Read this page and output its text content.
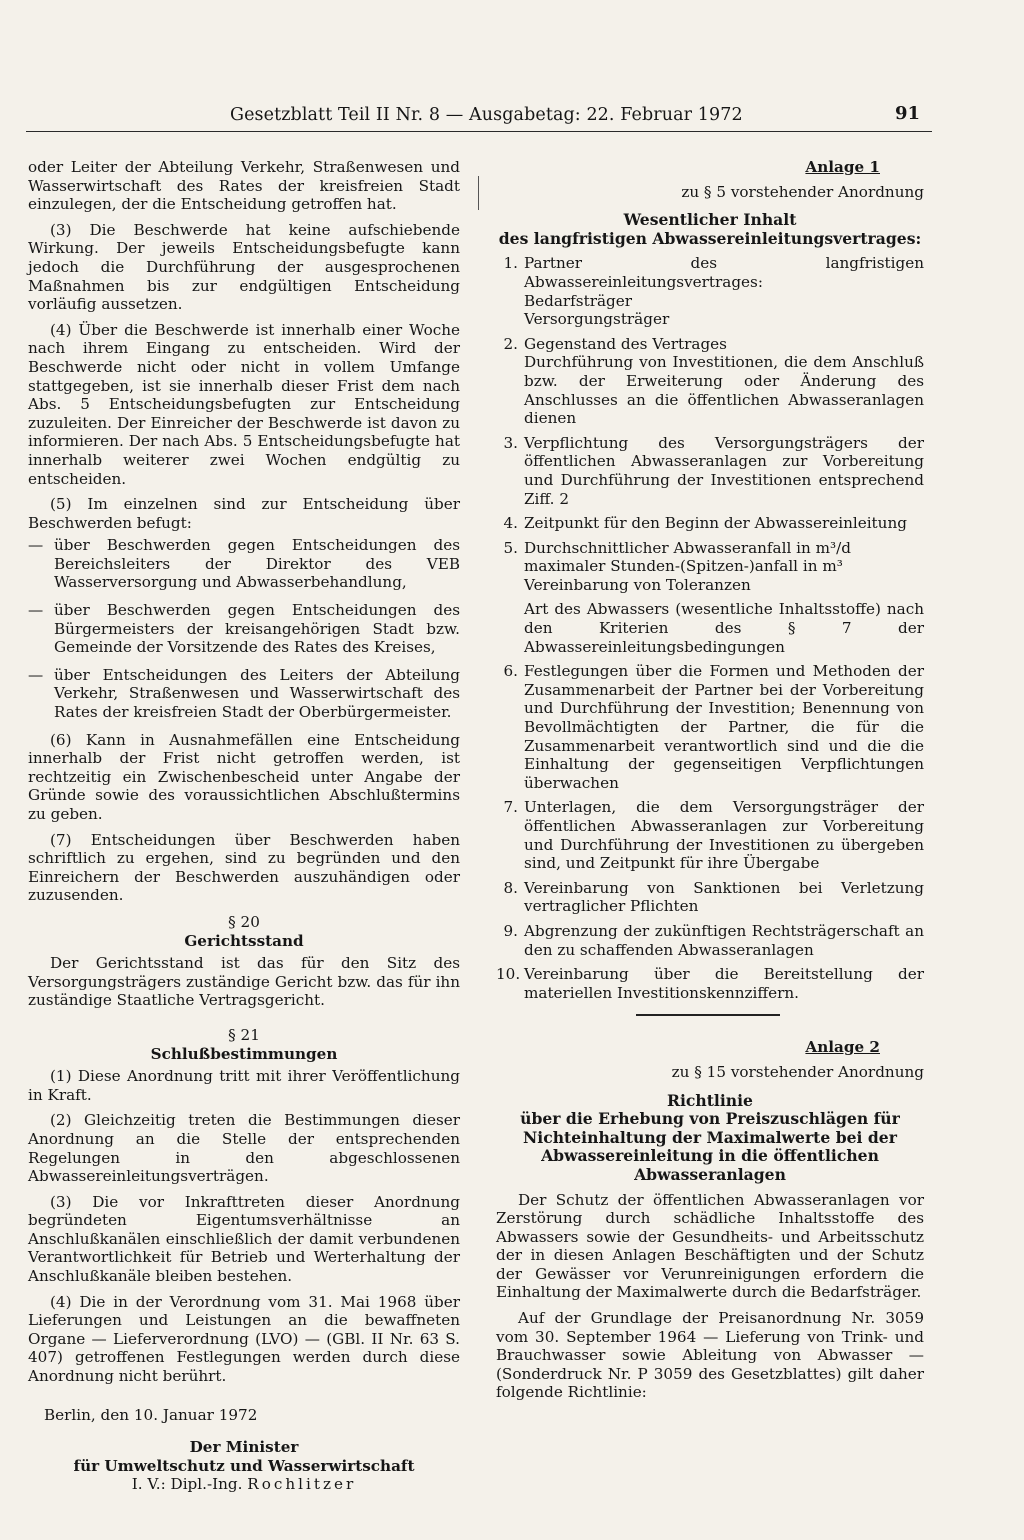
Gesetzblatt Teil II Nr. 8 — Ausgabetag: 22. Februar 1972	91

oder Leiter der Abteilung Verkehr, Straßenwesen und Wasserwirtschaft des Rates der kreisfreien Stadt einzulegen, der die Entscheidung getroffen hat.

(3) Die Beschwerde hat keine aufschiebende Wirkung. Der jeweils Entscheidungsbefugte kann jedoch die Durchführung der ausgesprochenen Maßnahmen bis zur endgültigen Entscheidung vorläufig aussetzen.

(4) Über die Beschwerde ist innerhalb einer Woche nach ihrem Eingang zu entscheiden. Wird der Beschwerde nicht oder nicht in vollem Umfange stattgegeben, ist sie innerhalb dieser Frist dem nach Abs. 5 Entscheidungsbefugten zur Entscheidung zuzuleiten. Der Einreicher der Beschwerde ist davon zu informieren. Der nach Abs. 5 Entscheidungsbefugte hat innerhalb weiterer zwei Wochen endgültig zu entscheiden.

(5) Im einzelnen sind zur Entscheidung über Beschwerden befugt:

— über Beschwerden gegen Entscheidungen des Bereichsleiters der Direktor des VEB Wasserversorgung und Abwasserbehandlung,
— über Beschwerden gegen Entscheidungen des Bürgermeisters der kreisangehörigen Stadt bzw. Gemeinde der Vorsitzende des Rates des Kreises,
— über Entscheidungen des Leiters der Abteilung Verkehr, Straßenwesen und Wasserwirtschaft des Rates der kreisfreien Stadt der Oberbürgermeister.

(6) Kann in Ausnahmefällen eine Entscheidung innerhalb der Frist nicht getroffen werden, ist rechtzeitig ein Zwischenbescheid unter Angabe der Gründe sowie des voraussichtlichen Abschlußtermins zu geben.

(7) Entscheidungen über Beschwerden haben schriftlich zu ergehen, sind zu begründen und den Einreichern der Beschwerden auszuhändigen oder zuzusenden.

§ 20
Gerichtsstand

Der Gerichtsstand ist das für den Sitz des Versorgungsträgers zuständige Gericht bzw. das für ihn zuständige Staatliche Vertragsgericht.

§ 21
Schlußbestimmungen

(1) Diese Anordnung tritt mit ihrer Veröffentlichung in Kraft.

(2) Gleichzeitig treten die Bestimmungen dieser Anordnung an die Stelle der entsprechenden Regelungen in den abgeschlossenen Abwassereinleitungsverträgen.

(3) Die vor Inkrafttreten dieser Anordnung begründeten Eigentumsverhältnisse an Anschlußkanälen einschließlich der damit verbundenen Verantwortlichkeit für Betrieb und Werterhaltung der Anschlußkanäle bleiben bestehen.

(4) Die in der Verordnung vom 31. Mai 1968 über Lieferungen und Leistungen an die bewaffneten Organe — Lieferverordnung (LVO) — (GBl. II Nr. 63 S. 407) getroffenen Festlegungen werden durch diese Anordnung nicht berührt.

Berlin, den 10. Januar 1972
Der Minister
für Umweltschutz und Wasserwirtschaft
I. V.: Dipl.-Ing. Rochlitzer
Anlage 1
zu § 5 vorstehender Anordnung
Wesentlicher Inhalt
des langfristigen Abwassereinleitungsvertrages:
1. Partner des langfristigen Abwassereinleitungsvertrages:
Bedarfsträger
Versorgungsträger
2. Gegenstand des Vertrages
Durchführung von Investitionen, die dem Anschluß bzw. der Erweiterung oder Änderung des Anschlusses an die öffentlichen Abwasseranlagen dienen
3. Verpflichtung des Versorgungsträgers der öffentlichen Abwasseranlagen zur Vorbereitung und Durchführung der Investitionen entsprechend Ziff. 2
4. Zeitpunkt für den Beginn der Abwassereinleitung
5. Durchschnittlicher Abwasseranfall in m³/d
maximaler Stunden-(Spitzen-)anfall in m³
Vereinbarung von Toleranzen
Art des Abwassers (wesentliche Inhaltsstoffe) nach den Kriterien des § 7 der Abwassereinleitungsbedingungen
6. Festlegungen über die Formen und Methoden der Zusammenarbeit der Partner bei der Vorbereitung und Durchführung der Investition; Benennung von Bevollmächtigten der Partner, die für die Zusammenarbeit verantwortlich sind und die die Einhaltung der gegenseitigen Verpflichtungen überwachen
7. Unterlagen, die dem Versorgungsträger der öffentlichen Abwasseranlagen zur Vorbereitung und Durchführung der Investitionen zu übergeben sind, und Zeitpunkt für ihre Übergabe
8. Vereinbarung von Sanktionen bei Verletzung vertraglicher Pflichten
9. Abgrenzung der zukünftigen Rechtsträgerschaft an den zu schaffenden Abwasseranlagen
10. Vereinbarung über die Bereitstellung der materiellen Investitionskennziffern.
Anlage 2
zu § 15 vorstehender Anordnung
Richtlinie
über die Erhebung von Preiszuschlägen für Nichteinhaltung der Maximalwerte bei der Abwassereinleitung in die öffentlichen Abwasseranlagen

Der Schutz der öffentlichen Abwasseranlagen vor Zerstörung durch schädliche Inhaltsstoffe des Abwassers sowie der Gesundheits- und Arbeitsschutz der in diesen Anlagen Beschäftigten und der Schutz der Gewässer vor Verunreinigungen erfordern die Einhaltung der Maximalwerte durch die Bedarfsträger.

Auf der Grundlage der Preisanordnung Nr. 3059 vom 30. September 1964 — Lieferung von Trink- und Brauchwasser sowie Ableitung von Abwasser — (Sonderdruck Nr. P 3059 des Gesetzblattes) gilt daher folgende Richtlinie:
